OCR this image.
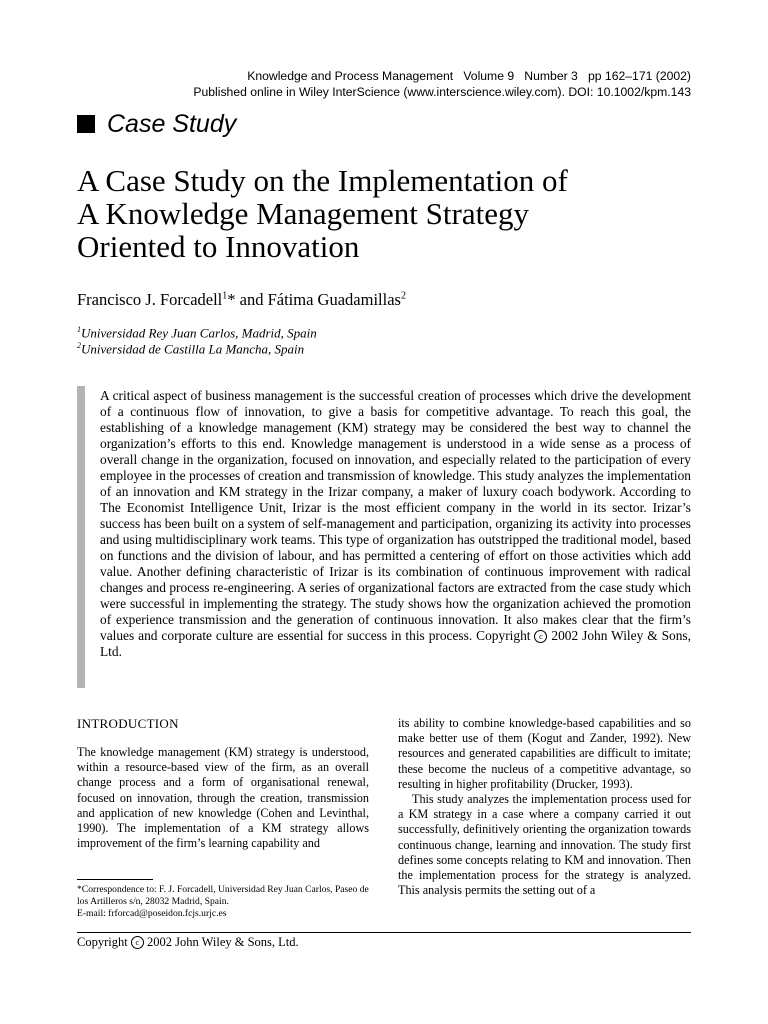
Knowledge and Process Management   Volume 9   Number 3   pp 162–171 (2002)
Published online in Wiley InterScience (www.interscience.wiley.com). DOI: 10.1002/kpm.143
Case Study
A Case Study on the Implementation of
A Knowledge Management Strategy
Oriented to Innovation
Francisco J. Forcadell$^1$* and Fátima Guadamillas$^2$
$^1$Universidad Rey Juan Carlos, Madrid, Spain
$^2$Universidad de Castilla La Mancha, Spain
A critical aspect of business management is the successful creation of processes which drive the development of a continuous flow of innovation, to give a basis for competitive advantage. To reach this goal, the establishing of a knowledge management (KM) strategy may be considered the best way to channel the organization’s efforts to this end. Knowledge management is understood in a wide sense as a process of overall change in the organization, focused on innovation, and especially related to the participation of every employee in the processes of creation and transmission of knowledge. This study analyzes the implementation of an innovation and KM strategy in the Irizar company, a maker of luxury coach bodywork. According to The Economist Intelligence Unit, Irizar is the most efficient company in the world in its sector. Irizar’s success has been built on a system of self-management and participation, organizing its activity into processes and using multidisciplinary work teams. This type of organization has outstripped the traditional model, based on functions and the division of labour, and has permitted a centering of effort on those activities which add value. Another defining characteristic of Irizar is its combination of continuous improvement with radical changes and process re-engineering. A series of organizational factors are extracted from the case study which were successful in implementing the strategy. The study shows how the organization achieved the promotion of experience transmission and the generation of continuous innovation. It also makes clear that the firm’s values and corporate culture are essential for success in this process. Copyright c 2002 John Wiley & Sons, Ltd.
INTRODUCTION

The knowledge management (KM) strategy is understood, within a resource-based view of the firm, as an overall change process and a form of organisational renewal, focused on innovation, through the creation, transmission and application of new knowledge (Cohen and Levinthal, 1990). The implementation of a KM strategy allows improvement of the firm’s learning capability and

its ability to combine knowledge-based capabilities and so make better use of them (Kogut and Zander, 1992). New resources and generated capabilities are difficult to imitate; these become the nucleus of a competitive advantage, so resulting in higher profitability (Drucker, 1993).

This study analyzes the implementation process used for a KM strategy in a case where a company carried it out successfully, definitively orienting the organization towards continuous change, learning and innovation. The study first defines some concepts relating to KM and innovation. Then the implementation process for the strategy is analyzed. This analysis permits the setting out of a

*Correspondence to: F. J. Forcadell, Universidad Rey Juan Carlos, Paseo de los Artilleros s/n, 28032 Madrid, Spain.
E-mail: frforcad@poseidon.fcjs.urjc.es
Copyright c 2002 John Wiley & Sons, Ltd.
